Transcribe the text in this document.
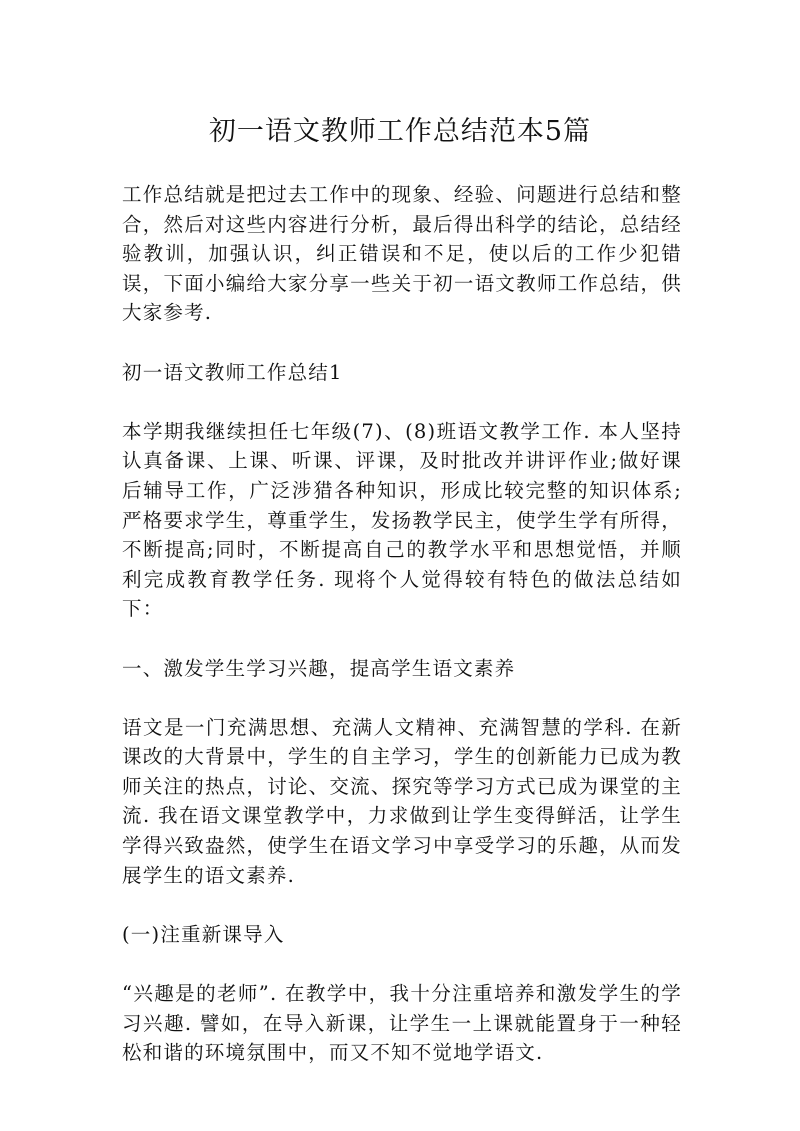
初一语文教师工作总结范本5篇

工作总结就是把过去工作中的现象、经验、问题进行总结和整合，然后对这些内容进行分析，最后得出科学的结论，总结经验教训，加强认识，纠正错误和不足，使以后的工作少犯错误，下面小编给大家分享一些关于初一语文教师工作总结，供大家参考.

初一语文教师工作总结1

本学期我继续担任七年级(7)、(8)班语文教学工作. 本人坚持认真备课、上课、听课、评课，及时批改并讲评作业;做好课后辅导工作，广泛涉猎各种知识，形成比较完整的知识体系;严格要求学生，尊重学生，发扬教学民主，使学生学有所得，不断提高;同时，不断提高自己的教学水平和思想觉悟，并顺利完成教育教学任务. 现将个人觉得较有特色的做法总结如下：

一、激发学生学习兴趣，提高学生语文素养

语文是一门充满思想、充满人文精神、充满智慧的学科. 在新课改的大背景中，学生的自主学习，学生的创新能力已成为教师关注的热点，讨论、交流、探究等学习方式已成为课堂的主流. 我在语文课堂教学中，力求做到让学生变得鲜活，让学生学得兴致盎然，使学生在语文学习中享受学习的乐趣，从而发展学生的语文素养.

(一)注重新课导入

“兴趣是的老师”. 在教学中，我十分注重培养和激发学生的学习兴趣. 譬如，在导入新课，让学生一上课就能置身于一种轻松和谐的环境氛围中，而又不知不觉地学语文.
